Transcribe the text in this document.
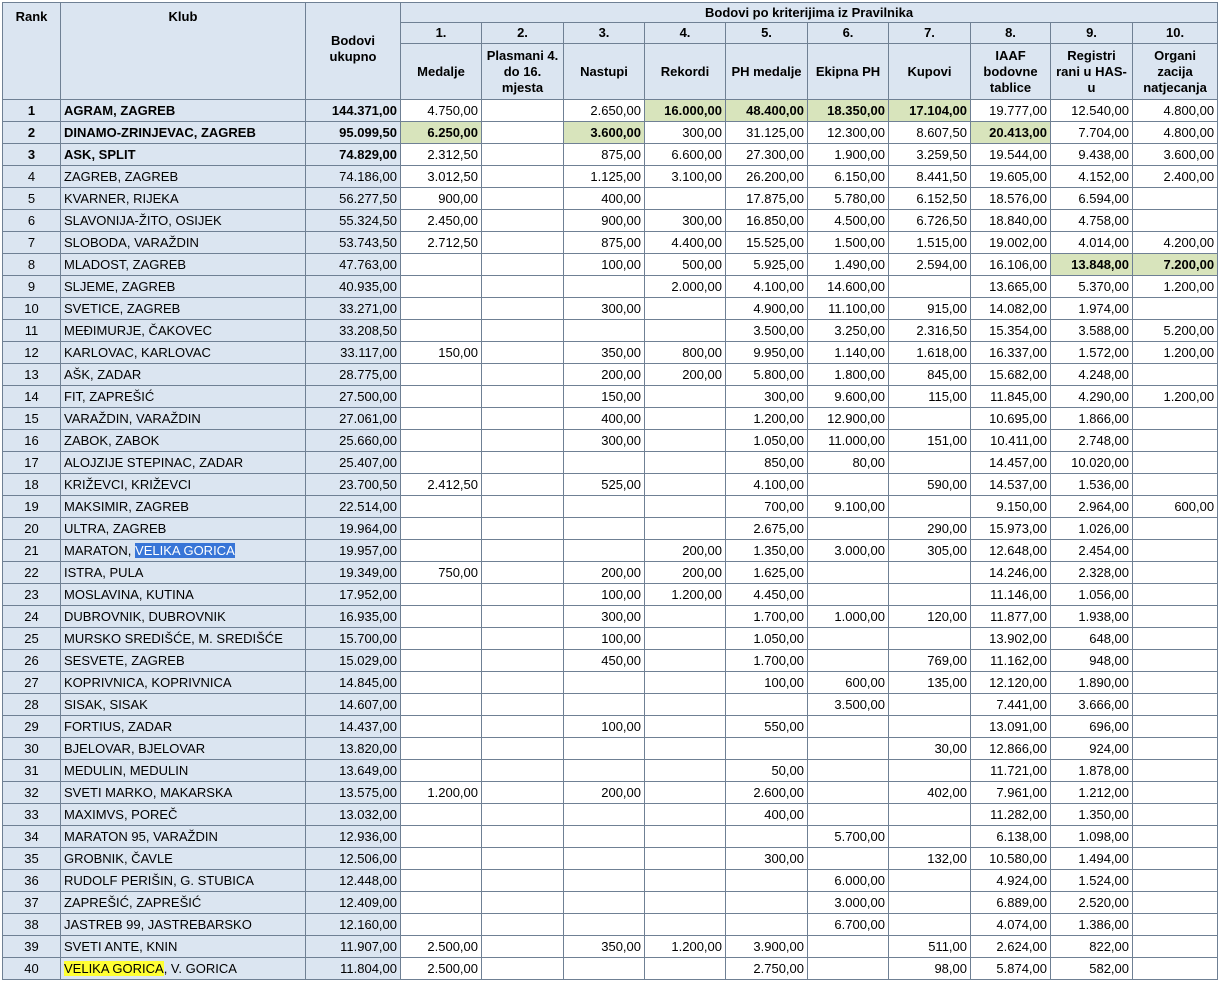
Rank	Klub	Bodovi ukupno	Bodovi po kriterijima iz Pravilnika									
			1.	2.	3.	4.	5.	6.	7.	8.	9.	10.
			Medalje	Plasmani 4. do 16. mjesta	Nastupi	Rekordi	PH medalje	Ekipna PH	Kupovi	IAAF bodovne tablice	Registri rani u HAS-u	Organi zacija natjecanja
1	AGRAM, ZAGREB	144.371,00	4.750,00		2.650,00	16.000,00	48.400,00	18.350,00	17.104,00	19.777,00	12.540,00	4.800,00
2	DINAMO-ZRINJEVAC, ZAGREB	95.099,50	6.250,00		3.600,00	300,00	31.125,00	12.300,00	8.607,50	20.413,00	7.704,00	4.800,00
3	ASK, SPLIT	74.829,00	2.312,50		875,00	6.600,00	27.300,00	1.900,00	3.259,50	19.544,00	9.438,00	3.600,00
4	ZAGREB, ZAGREB	74.186,00	3.012,50		1.125,00	3.100,00	26.200,00	6.150,00	8.441,50	19.605,00	4.152,00	2.400,00
5	KVARNER, RIJEKA	56.277,50	900,00		400,00		17.875,00	5.780,00	6.152,50	18.576,00	6.594,00	
6	SLAVONIJA-ŽITO, OSIJEK	55.324,50	2.450,00		900,00	300,00	16.850,00	4.500,00	6.726,50	18.840,00	4.758,00	
7	SLOBODA, VARAŽDIN	53.743,50	2.712,50		875,00	4.400,00	15.525,00	1.500,00	1.515,00	19.002,00	4.014,00	4.200,00
8	MLADOST, ZAGREB	47.763,00			100,00	500,00	5.925,00	1.490,00	2.594,00	16.106,00	13.848,00	7.200,00
9	SLJEME, ZAGREB	40.935,00				2.000,00	4.100,00	14.600,00		13.665,00	5.370,00	1.200,00
10	SVETICE, ZAGREB	33.271,00			300,00		4.900,00	11.100,00	915,00	14.082,00	1.974,00	
11	MEĐIMURJE, ČAKOVEC	33.208,50					3.500,00	3.250,00	2.316,50	15.354,00	3.588,00	5.200,00
12	KARLOVAC, KARLOVAC	33.117,00	150,00		350,00	800,00	9.950,00	1.140,00	1.618,00	16.337,00	1.572,00	1.200,00
13	AŠK, ZADAR	28.775,00			200,00	200,00	5.800,00	1.800,00	845,00	15.682,00	4.248,00	
14	FIT, ZAPREŠIĆ	27.500,00			150,00		300,00	9.600,00	115,00	11.845,00	4.290,00	1.200,00
15	VARAŽDIN, VARAŽDIN	27.061,00			400,00		1.200,00	12.900,00		10.695,00	1.866,00	
16	ZABOK, ZABOK	25.660,00			300,00		1.050,00	11.000,00	151,00	10.411,00	2.748,00	
17	ALOJZIJE STEPINAC, ZADAR	25.407,00					850,00	80,00		14.457,00	10.020,00	
18	KRIŽEVCI, KRIŽEVCI	23.700,50	2.412,50		525,00		4.100,00		590,00	14.537,00	1.536,00	
19	MAKSIMIR, ZAGREB	22.514,00					700,00	9.100,00		9.150,00	2.964,00	600,00
20	ULTRA, ZAGREB	19.964,00					2.675,00		290,00	15.973,00	1.026,00	
21	MARATON, VELIKA GORICA	19.957,00				200,00	1.350,00	3.000,00	305,00	12.648,00	2.454,00	
22	ISTRA, PULA	19.349,00	750,00		200,00	200,00	1.625,00			14.246,00	2.328,00	
23	MOSLAVINA, KUTINA	17.952,00			100,00	1.200,00	4.450,00			11.146,00	1.056,00	
24	DUBROVNIK, DUBROVNIK	16.935,00			300,00		1.700,00	1.000,00	120,00	11.877,00	1.938,00	
25	MURSKO SREDIŠĆE, M. SREDIŠĆE	15.700,00			100,00		1.050,00			13.902,00	648,00	
26	SESVETE, ZAGREB	15.029,00			450,00		1.700,00		769,00	11.162,00	948,00	
27	KOPRIVNICA, KOPRIVNICA	14.845,00					100,00	600,00	135,00	12.120,00	1.890,00	
28	SISAK, SISAK	14.607,00						3.500,00		7.441,00	3.666,00	
29	FORTIUS, ZADAR	14.437,00			100,00		550,00			13.091,00	696,00	
30	BJELOVAR, BJELOVAR	13.820,00							30,00	12.866,00	924,00	
31	MEDULIN, MEDULIN	13.649,00					50,00			11.721,00	1.878,00	
32	SVETI MARKO, MAKARSKA	13.575,00	1.200,00		200,00		2.600,00		402,00	7.961,00	1.212,00	
33	MAXIMVS, POREČ	13.032,00					400,00			11.282,00	1.350,00	
34	MARATON 95, VARAŽDIN	12.936,00						5.700,00		6.138,00	1.098,00	
35	GROBNIK, ČAVLE	12.506,00					300,00		132,00	10.580,00	1.494,00	
36	RUDOLF PERIŠIN, G. STUBICA	12.448,00						6.000,00		4.924,00	1.524,00	
37	ZAPREŠIĆ, ZAPREŠIĆ	12.409,00						3.000,00		6.889,00	2.520,00	
38	JASTREB 99, JASTREBARSKO	12.160,00						6.700,00		4.074,00	1.386,00	
39	SVETI ANTE, KNIN	11.907,00	2.500,00		350,00	1.200,00	3.900,00		511,00	2.624,00	822,00	
40	VELIKA GORICA, V. GORICA	11.804,00	2.500,00				2.750,00		98,00	5.874,00	582,00	
